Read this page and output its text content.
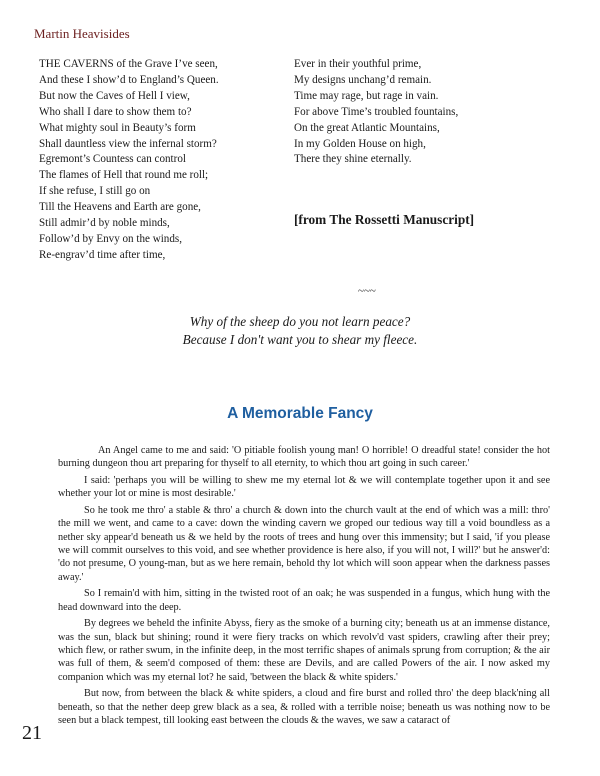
Martin Heavisides
THE CAVERNS of the Grave I’ve seen,
And these I show’d to England’s Queen.
But now the Caves of Hell I view,
Who shall I dare to show them to?
What mighty soul in Beauty’s form
Shall dauntless view the infernal storm?
Egremont’s Countess can control
The flames of Hell that round me roll;
If she refuse, I still go on
Till the Heavens and Earth are gone,
Still admir’d by noble minds,
Follow’d by Envy on the winds,
Re-engrav’d time after time,
Ever in their youthful prime,
My designs unchang’d remain.
Time may rage, but rage in vain.
For above Time’s troubled fountains,
On the great Atlantic Mountains,
In my Golden House on high,
There they shine eternally.
[from The Rossetti Manuscript]
~~~
Why of the sheep do you not learn peace?
Because I don't want you to shear my fleece.
A Memorable Fancy

An Angel came to me and said: 'O pitiable foolish young man! O horrible! O dreadful state! consider the hot burning dungeon thou art preparing for thyself to all eternity, to which thou art going in such career.'

I said: 'perhaps you will be willing to shew me my eternal lot & we will contemplate together upon it and see whether your lot or mine is most desirable.'

So he took me thro' a stable & thro' a church & down into the church vault at the end of which was a mill: thro' the mill we went, and came to a cave: down the winding cavern we groped our tedious way till a void boundless as a nether sky appear'd beneath us & we held by the roots of trees and hung over this immensity; but I said, 'if you please we will commit ourselves to this void, and see whether providence is here also, if you will not, I will?' but he answer'd: 'do not presume, O young-man, but as we here remain, behold thy lot which will soon appear when the darkness passes away.'

So I remain'd with him, sitting in the twisted root of an oak; he was suspended in a fungus, which hung with the head downward into the deep.

By degrees we beheld the infinite Abyss, fiery as the smoke of a burning city; beneath us at an immense distance, was the sun, black but shining; round it were fiery tracks on which revolv'd vast spiders, crawling after their prey; which flew, or rather swum, in the infinite deep, in the most terrific shapes of animals sprung from corruption; & the air was full of them, & seem'd composed of them: these are Devils, and are called Powers of the air. I now asked my companion which was my eternal lot? he said, 'between the black & white spiders.'

But now, from between the black & white spiders, a cloud and fire burst and rolled thro' the deep black'ning all beneath, so that the nether deep grew black as a sea, & rolled with a terrible noise; beneath us was nothing now to be seen but a black tempest, till looking east between the clouds & the waves, we saw a cataract of

21
